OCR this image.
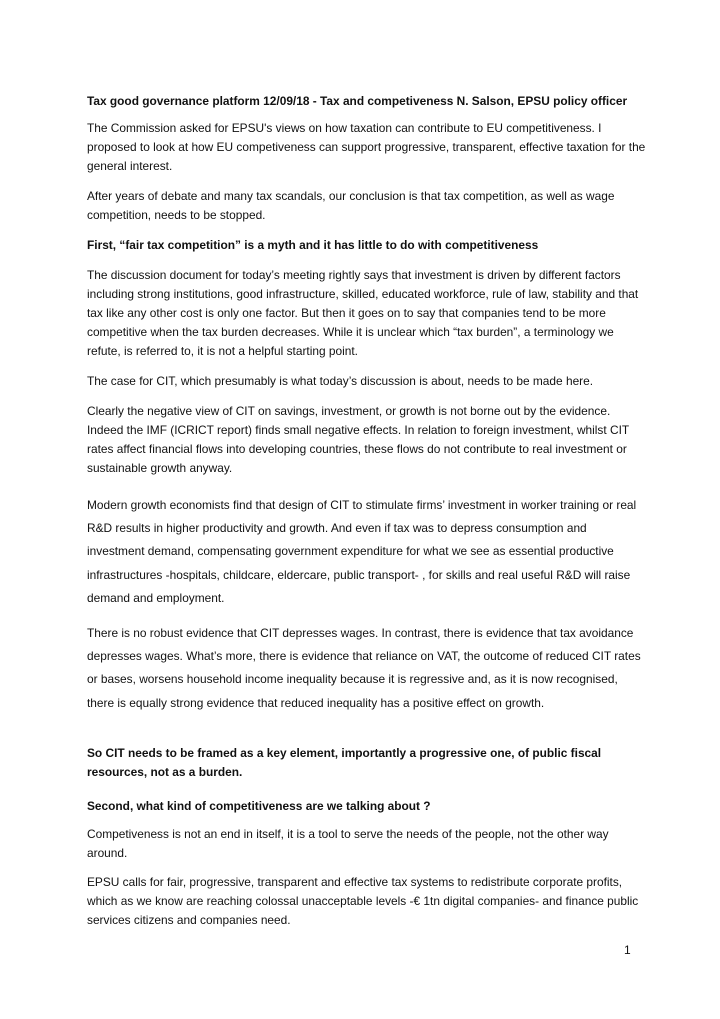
Tax good governance platform 12/09/18 - Tax and competiveness N. Salson, EPSU policy officer

The Commission asked for EPSU's views on how taxation can contribute to EU competitiveness. I proposed to look at how EU competiveness can support progressive, transparent, effective taxation for the general interest.

After years of debate and many tax scandals, our conclusion is that tax competition, as well as wage competition, needs to be stopped.

First, “fair tax competition” is a myth and it has little to do with competitiveness

The discussion document for today’s meeting rightly says that investment is driven by different factors including strong institutions, good infrastructure, skilled, educated workforce, rule of law, stability and that tax like any other cost is only one factor. But then it goes on to say that companies tend to be more competitive when the tax burden decreases. While it is unclear which “tax burden”, a terminology we refute, is referred to, it is not a helpful starting point.

The case for CIT, which presumably is what today’s discussion is about, needs to be made here.

Clearly the negative view of CIT on savings, investment, or growth is not borne out by the evidence. Indeed the IMF (ICRICT report) finds small negative effects. In relation to foreign investment, whilst CIT rates affect financial flows into developing countries, these flows do not contribute to real investment or sustainable growth anyway.

Modern growth economists find that design of CIT to stimulate firms’ investment in worker training or real R&D results in higher productivity and growth. And even if tax was to depress consumption and investment demand, compensating government expenditure for what we see as essential productive infrastructures -hospitals, childcare, eldercare, public transport- , for skills and real useful R&D will raise demand and employment.

There is no robust evidence that CIT depresses wages. In contrast, there is evidence that tax avoidance depresses wages. What’s more, there is evidence that reliance on VAT, the outcome of reduced CIT rates or bases, worsens household income inequality because it is regressive and, as it is now recognised, there is equally strong evidence that reduced inequality has a positive effect on growth.

So CIT needs to be framed as a key element, importantly a progressive one, of public fiscal resources, not as a burden.

Second, what kind of competitiveness are we talking about ?

Competiveness is not an end in itself, it is a tool to serve the needs of the people, not the other way around.

EPSU calls for fair, progressive, transparent and effective tax systems to redistribute corporate profits, which as we know are reaching colossal unacceptable levels -€ 1tn digital companies- and finance public services citizens and companies need.

1
